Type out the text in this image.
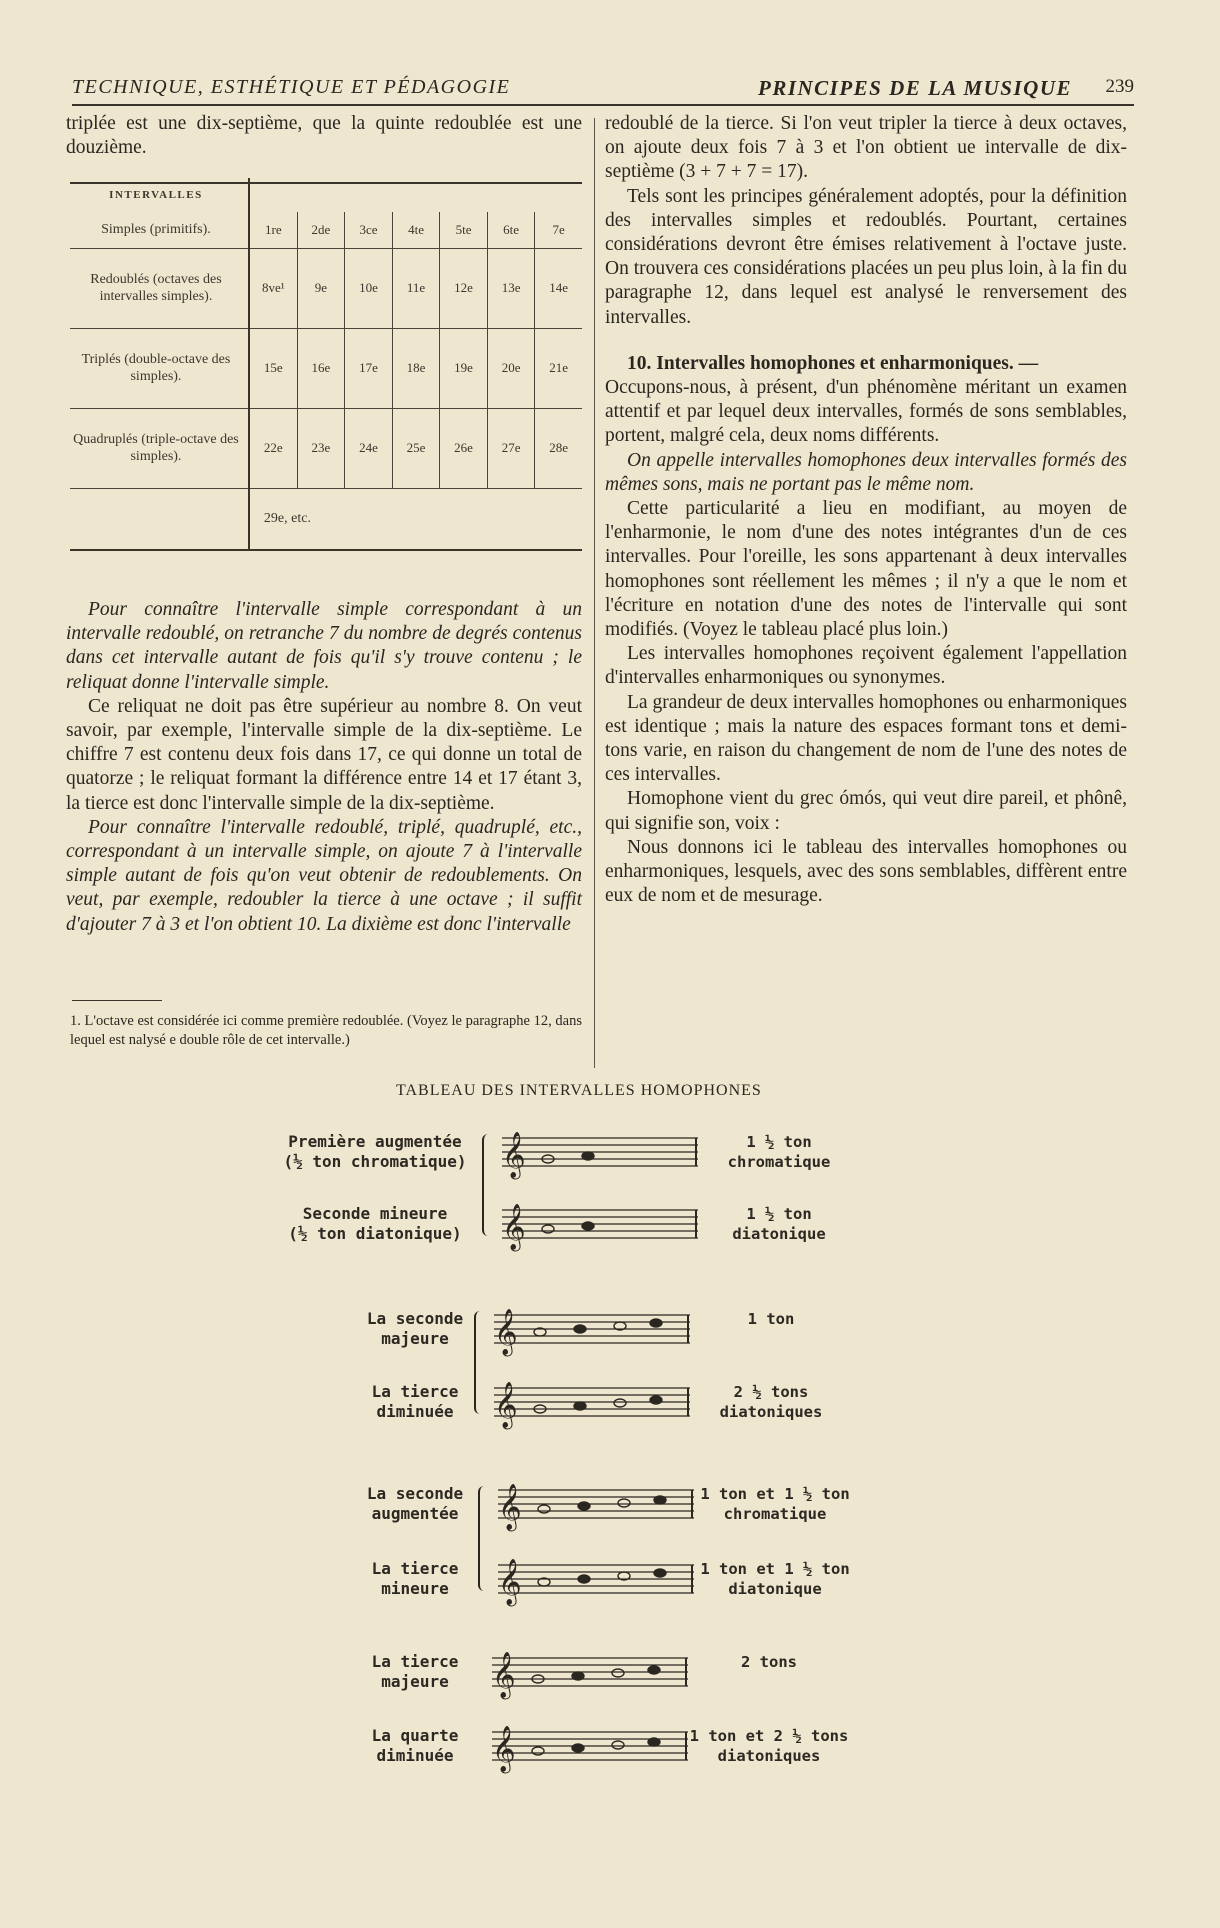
TECHNIQUE, ESTHÉTIQUE ET PÉDAGOGIE	PRINCIPES DE LA MUSIQUE 239

triplée est une dix-septième, que la quinte redoublée est une douzième.

INTERVALLES							
Simples (primitifs).	1re	2de	3ce	4te	5te	6te	7e
Redoublés (octaves des intervalles simples).	8ve¹	9e	10e	11e	12e	13e	14e
Triplés (double-octave des simples).	15e	16e	17e	18e	19e	20e	21e
Quadruplés (triple-octave des simples).	22e	23e	24e	25e	26e	27e	28e
	29e, etc.						

Pour connaître l'intervalle simple correspondant à un intervalle redoublé, on retranche 7 du nombre de degrés contenus dans cet intervalle autant de fois qu'il s'y trouve contenu ; le reliquat donne l'intervalle simple.

Ce reliquat ne doit pas être supérieur au nombre 8. On veut savoir, par exemple, l'intervalle simple de la dix-septième. Le chiffre 7 est contenu deux fois dans 17, ce qui donne un total de quatorze ; le reliquat formant la différence entre 14 et 17 étant 3, la tierce est donc l'intervalle simple de la dix-septième.

Pour connaître l'intervalle redoublé, triplé, quadruplé, etc., correspondant à un intervalle simple, on ajoute 7 à l'intervalle simple autant de fois qu'on veut obtenir de redoublements. On veut, par exemple, redoubler la tierce à une octave ; il suffit d'ajouter 7 à 3 et l'on obtient 10. La dixième est donc l'intervalle

1. L'octave est considérée ici comme première redoublée. (Voyez le paragraphe 12, dans lequel est nalysé e double rôle de cet intervalle.)

redoublé de la tierce. Si l'on veut tripler la tierce à deux octaves, on ajoute deux fois 7 à 3 et l'on obtient ue intervalle de dix-septième (3 + 7 + 7 = 17).

Tels sont les principes généralement adoptés, pour la définition des intervalles simples et redoublés. Pourtant, certaines considérations devront être émises relativement à l'octave juste. On trouvera ces considérations placées un peu plus loin, à la fin du paragraphe 12, dans lequel est analysé le renversement des intervalles.

10. Intervalles homophones et enharmoniques. —

Occupons-nous, à présent, d'un phénomène méritant un examen attentif et par lequel deux intervalles, formés de sons semblables, portent, malgré cela, deux noms différents.

On appelle intervalles homophones deux intervalles formés des mêmes sons, mais ne portant pas le même nom.

Cette particularité a lieu en modifiant, au moyen de l'enharmonie, le nom d'une des notes intégrantes d'un de ces intervalles. Pour l'oreille, les sons appartenant à deux intervalles homophones sont réellement les mêmes ; il n'y a que le nom et l'écriture en notation d'une des notes de l'intervalle qui sont modifiés. (Voyez le tableau placé plus loin.)

Les intervalles homophones reçoivent également l'appellation d'intervalles enharmoniques ou synonymes.

La grandeur de deux intervalles homophones ou enharmoniques est identique ; mais la nature des espaces formant tons et demi-tons varie, en raison du changement de nom de l'une des notes de ces intervalles.

Homophone vient du grec ómós, qui veut dire pareil, et phônê, qui signifie son, voix :

Nous donnons ici le tableau des intervalles homophones ou enharmoniques, lesquels, avec des sons semblables, diffèrent entre eux de nom et de mesurage.

TABLEAU DES INTERVALLES HOMOPHONES
Première augmentée
(½ ton chromatique) 𝄞	1 ½ ton
chromatique
Seconde mineure
(½ ton diatonique)	𝄞	1 ½ ton
diatonique
La seconde
majeure	𝄞	1 ton
La tierce
diminuée	𝄞	2 ½ tons
diatoniques
La seconde
augmentée 𝄞	1 ton et 1 ½ ton
chromatique
La tierce
mineure	𝄞	1 ton et 1 ½ ton
diatonique
La tierce
majeure	𝄞	2 tons
La quarte
diminuée 𝄞	1 ton et 2 ½ tons
diatoniques
